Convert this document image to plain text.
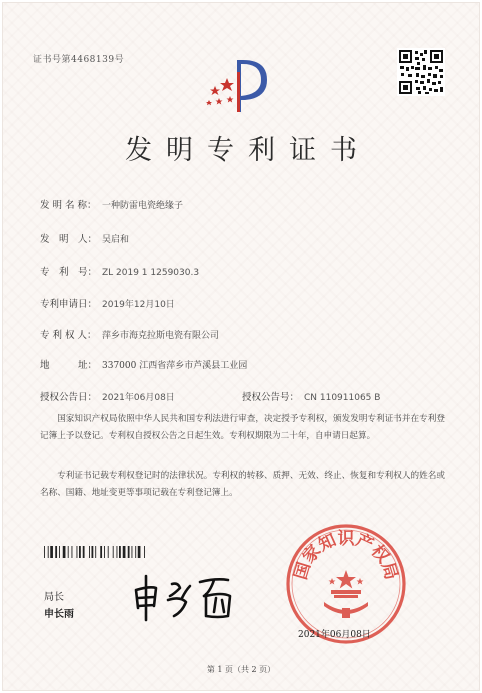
证书号第4468139号
发明专利证书
发 明 名 称： 一种防雷电瓷绝缘子
发　明　人： 吴启和
专　利　号： ZL 2019 1 1259030.3
专利申请日： 2019年12月10日
专 利 权 人： 萍乡市海克拉斯电瓷有限公司
地　　　址： 337000 江西省萍乡市芦溪县工业园
授权公告日： 2021年06月08日	授权公告号： CN 110911065 B
国家知识产权局依照中华人民共和国专利法进行审查，决定授予专利权，颁发发明专利证书并在专利登记簿上予以登记。专利权自授权公告之日起生效。专利权期限为二十年，自申请日起算。
专利证书记载专利权登记时的法律状况。专利权的转移、质押、无效、终止、恢复和专利权人的姓名或名称、国籍、地址变更等事项记载在专利登记簿上。
局长
申长雨
国家知识产权局
2021年06月08日
第 1 页（共 2 页）
